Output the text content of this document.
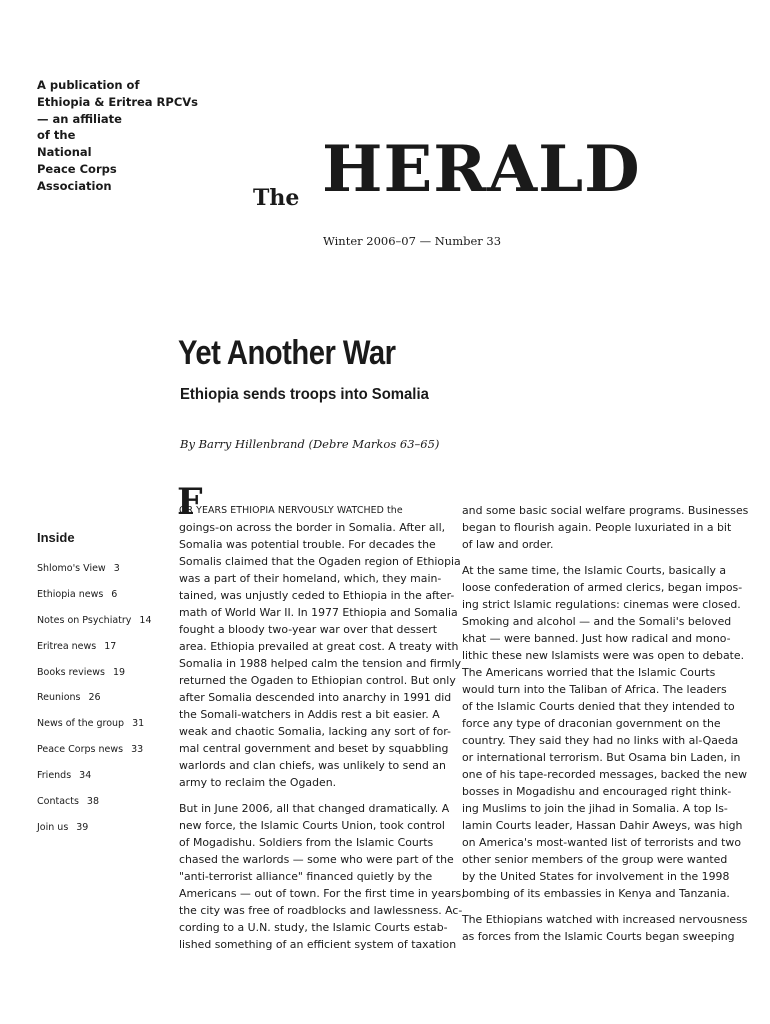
A publication of
Ethiopia & Eritrea RPCVs
— an affiliate
of the
National
Peace Corps
Association	The HERALD
Winter 2006–07 — Number 33
Yet Another War
Ethiopia sends troops into Somalia
By Barry Hillenbrand (Debre Markos 63–65)
Inside
Shlomo's View 3
Ethiopia news 6
Notes on Psychiatry 14
Eritrea news 17
Books reviews 19
Reunions 26
News of the group 31
Peace Corps news 33
Friends 34
Contacts 38
Join us 39
F
OR YEARS ETHIOPIA NERVOUSLY WATCHED the
goings-on across the border in Somalia. After all,
Somalia was potential trouble. For decades the
Somalis claimed that the Ogaden region of Ethiopia
was a part of their homeland, which, they main-
tained, was unjustly ceded to Ethiopia in the after-
math of World War II. In 1977 Ethiopia and Somalia
fought a bloody two-year war over that dessert
area. Ethiopia prevailed at great cost. A treaty with
Somalia in 1988 helped calm the tension and firmly
returned the Ogaden to Ethiopian control. But only
after Somalia descended into anarchy in 1991 did
the Somali-watchers in Addis rest a bit easier. A
weak and chaotic Somalia, lacking any sort of for-
mal central government and beset by squabbling
warlords and clan chiefs, was unlikely to send an
army to reclaim the Ogaden.
But in June 2006, all that changed dramatically. A
new force, the Islamic Courts Union, took control
of Mogadishu. Soldiers from the Islamic Courts
chased the warlords — some who were part of the
"anti-terrorist alliance" financed quietly by the
Americans — out of town. For the first time in years,
the city was free of roadblocks and lawlessness. Ac-
cording to a U.N. study, the Islamic Courts estab-
lished something of an efficient system of taxation
and some basic social welfare programs. Businesses
began to flourish again. People luxuriated in a bit
of law and order.
At the same time, the Islamic Courts, basically a
loose confederation of armed clerics, began impos-
ing strict Islamic regulations: cinemas were closed.
Smoking and alcohol — and the Somali's beloved
khat — were banned. Just how radical and mono-
lithic these new Islamists were was open to debate.
The Americans worried that the Islamic Courts
would turn into the Taliban of Africa. The leaders
of the Islamic Courts denied that they intended to
force any type of draconian government on the
country. They said they had no links with al-Qaeda
or international terrorism. But Osama bin Laden, in
one of his tape-recorded messages, backed the new
bosses in Mogadishu and encouraged right think-
ing Muslims to join the jihad in Somalia. A top Is-
lamin Courts leader, Hassan Dahir Aweys, was high
on America's most-wanted list of terrorists and two
other senior members of the group were wanted
by the United States for involvement in the 1998
bombing of its embassies in Kenya and Tanzania.
The Ethiopians watched with increased nervousness
as forces from the Islamic Courts began sweeping
